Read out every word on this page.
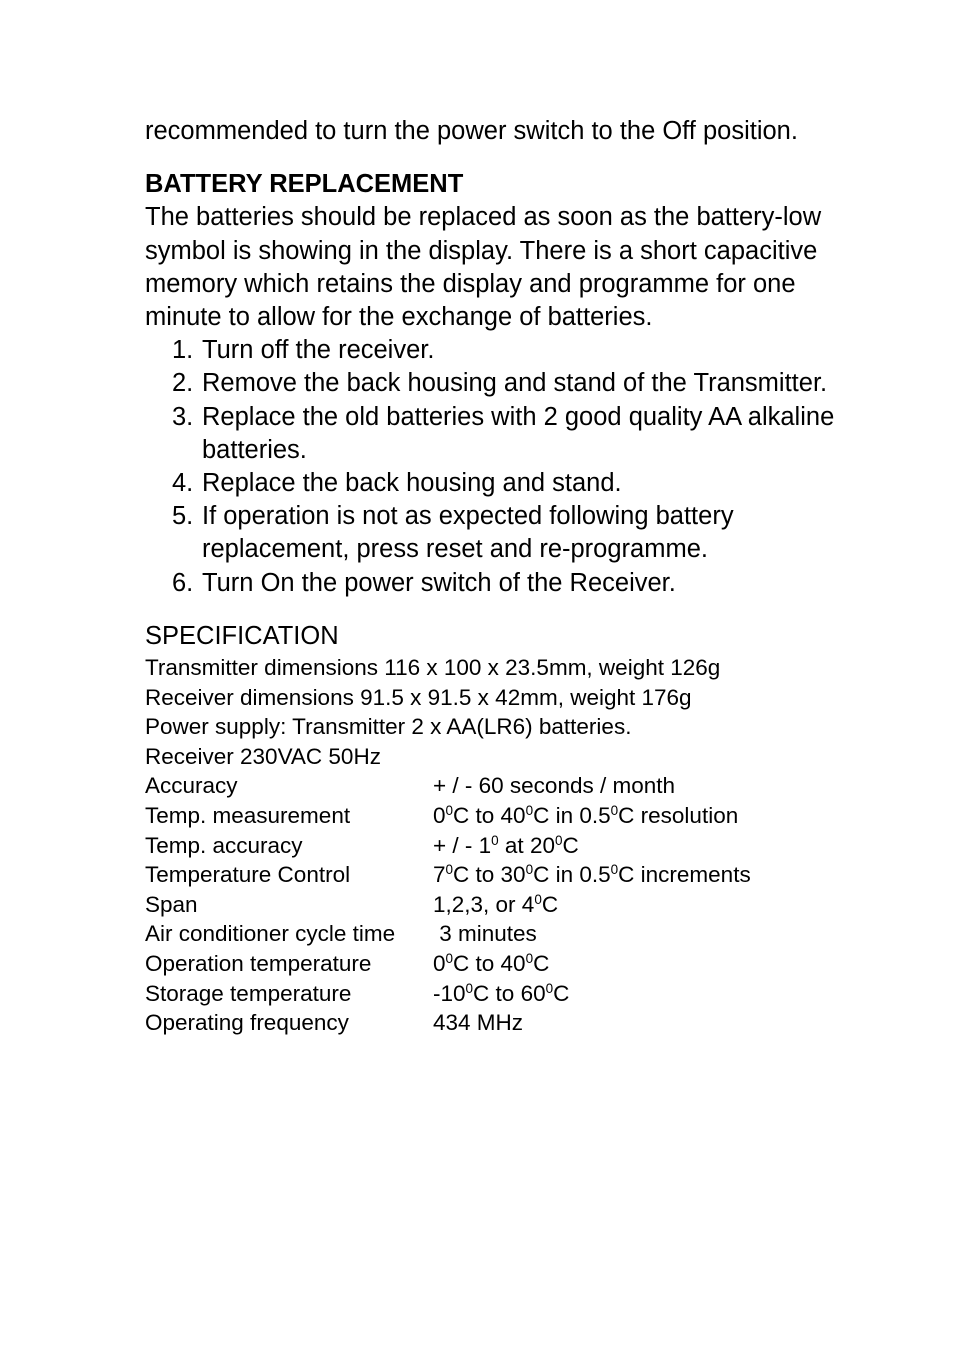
recommended to turn the power switch to the Off position.

BATTERY REPLACEMENT

The batteries should be replaced as soon as the battery-low symbol is showing in the display. There is a short capacitive memory which retains the display and programme for one minute to allow for the exchange of batteries.

1. Turn off the receiver.
2. Remove the back housing and stand of the Transmitter.
3. Replace the old batteries with 2 good quality AA alkaline batteries.
4. Replace the back housing and stand.
5. If operation is not as expected following battery replacement, press reset and re-programme.
6. Turn On the power switch of the Receiver.
SPECIFICATION

Transmitter dimensions 116 x 100 x 23.5mm, weight 126g

Receiver dimensions 91.5 x 91.5 x 42mm, weight 176g

Power supply: Transmitter 2 x AA(LR6) batteries.

Receiver 230VAC 50Hz

Accuracy	+ / - 60 seconds / month
Temp. measurement	$0^0C$ to $40^0C$ in $0.5^0C$ resolution
Temp. accuracy	+ / - $1^0$ at $20^0C$
Temperature Control	$7^0C$ to $30^0C$ in $0.5^0C$ increments
Span	1,2,3, or $4^0C$
Air conditioner cycle time	3 minutes
Operation temperature	$0^0C$ to $40^0C$
Storage temperature	$-10^0C$ to $60^0C$
Operating frequency	434 MHz
